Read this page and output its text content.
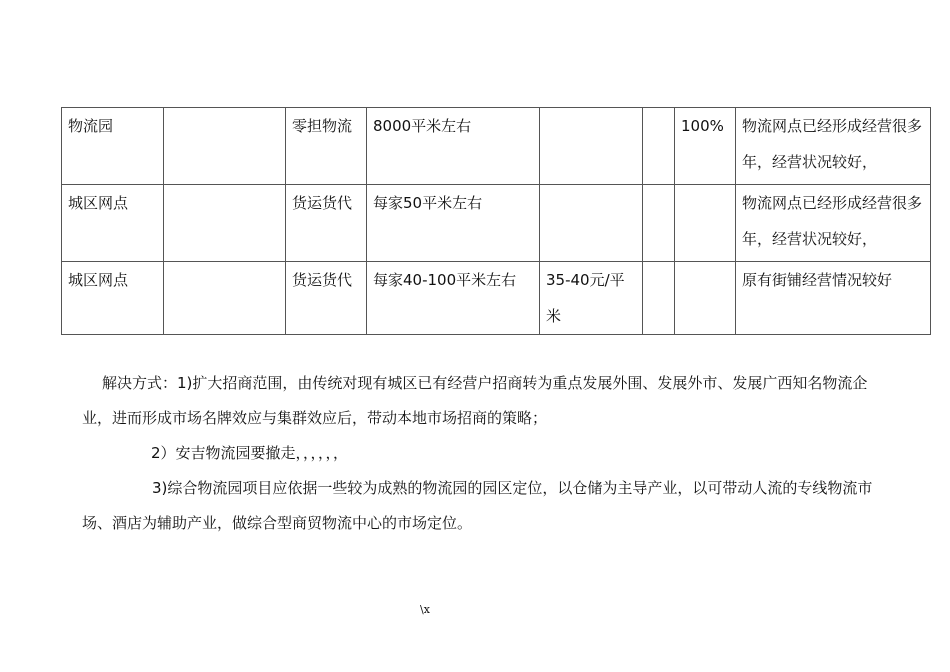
物流园		零担物流	8000平米左右			100%	物流网点已经形成经营很多年，经营状况较好，

城区网点		货运货代	每家50平米左右				物流网点已经形成经营很多年，经营状况较好，

城区网点		货运货代	每家40-100平米左右	35-40元/平米			原有街铺经营情况较好

解决方式：1)扩大招商范围，由传统对现有城区已有经营户招商转为重点发展外围、发展外市、发展广西知名物流企业，进而形成市场名牌效应与集群效应后，带动本地市场招商的策略；

2）安吉物流园要撤走，，，，，，

3)综合物流园项目应依据一些较为成熟的物流园的园区定位，以仓储为主导产业，以可带动人流的专线物流市场、酒店为辅助产业，做综合型商贸物流中心的市场定位。

\x
